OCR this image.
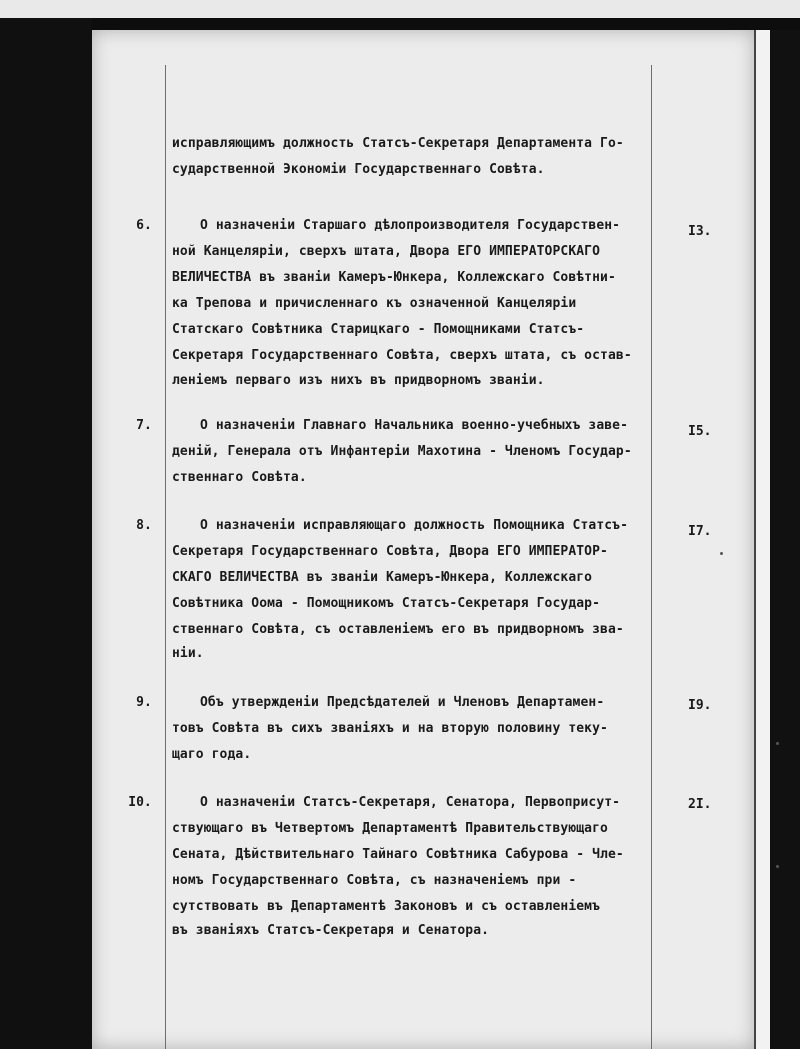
исправляющимъ должность Статсъ-Секретаря Департамента Го-
сударственной Экономiи Государственнаго Совѣта.
6.	I3.
О назначенiи Старшаго дѣлопроизводителя Государствен-
ной Канцелярiи, сверхъ штата, Двора ЕГО ИМПЕРАТОРСКАГО
ВЕЛИЧЕСТВА въ званiи Камеръ-Юнкера, Коллежскаго Совѣтни-
ка Трепова и причисленнаго къ означенной Канцелярiи
Статскаго Совѣтника Старицкаго - Помощниками Статсъ-
Секретаря Государственнаго Совѣта, сверхъ штата, съ остав-
ленiемъ перваго изъ нихъ въ придворномъ званiи.
7.	I5.
О назначенiи Главнаго Начальника военно-учебныхъ заве-
денiй, Генерала отъ Инфантерiи Махотина - Членомъ Государ-
ственнаго Совѣта.
8.	I7.
О назначенiи исправляющаго должность Помощника Статсъ-
Секретаря Государственнаго Совѣта, Двора ЕГО ИМПЕРАТОР-
СКАГО ВЕЛИЧЕСТВА въ званiи Камеръ-Юнкера, Коллежскаго
Совѣтника Оома - Помощникомъ Статсъ-Секретаря Государ-
ственнаго Совѣта, съ оставленiемъ его въ придворномъ зва-
нiи.
9.	I9.
Объ утвержденiи Предсѣдателей и Членовъ Департамен-
товъ Совѣта въ сихъ званiяхъ и на вторую половину теку-
щаго года.
I0.	2I.
О назначенiи Статсъ-Секретаря, Сенатора, Первоприсут-
ствующаго въ Четвертомъ Департаментѣ Правительствующаго
Сената, Дѣйствительнаго Тайнаго Совѣтника Сабурова - Чле-
номъ Государственнаго Совѣта, съ назначенiемъ при -
сутствовать въ Департаментѣ Законовъ и съ оставленiемъ
въ званiяхъ Статсъ-Секретаря и Сенатора.
